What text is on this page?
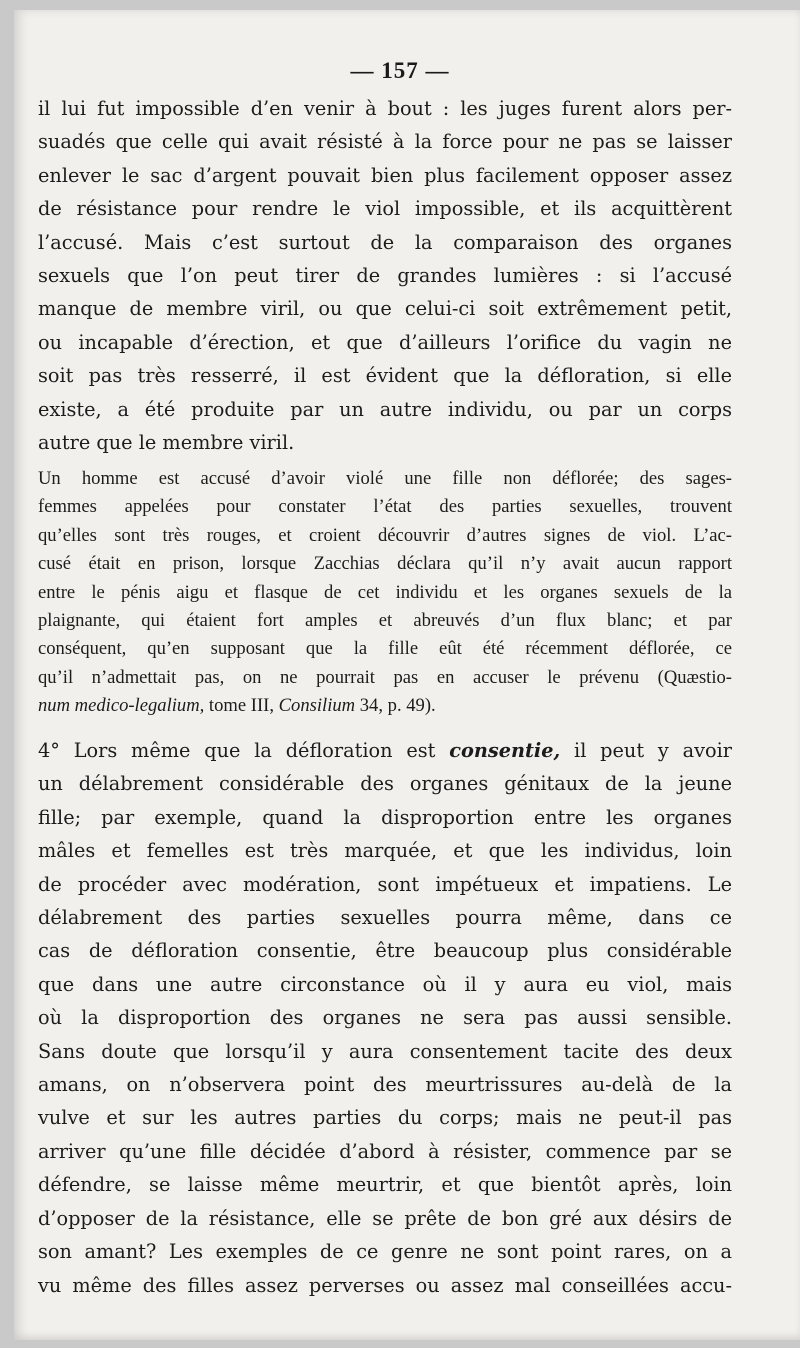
— 157 —
il lui fut impossible d’en venir à bout : les juges furent alors per-
suadés que celle qui avait résisté à la force pour ne pas se laisser
enlever le sac d’argent pouvait bien plus facilement opposer assez
de résistance pour rendre le viol impossible, et ils acquittèrent
l’accusé. Mais c’est surtout de la comparaison des organes
sexuels que l’on peut tirer de grandes lumières : si l’accusé
manque de membre viril, ou que celui-ci soit extrêmement petit,
ou incapable d’érection, et que d’ailleurs l’orifice du vagin ne
soit pas très resserré, il est évident que la défloration, si elle
existe, a été produite par un autre individu, ou par un corps
autre que le membre viril.
Un homme est accusé d’avoir violé une fille non déflorée; des sages-
femmes appelées pour constater l’état des parties sexuelles, trouvent
qu’elles sont très rouges, et croient découvrir d’autres signes de viol. L’ac-
cusé était en prison, lorsque Zacchias déclara qu’il n’y avait aucun rapport
entre le pénis aigu et flasque de cet individu et les organes sexuels de la
plaignante, qui étaient fort amples et abreuvés d’un flux blanc; et par
conséquent, qu’en supposant que la fille eût été récemment déflorée, ce
qu’il n’admettait pas, on ne pourrait pas en accuser le prévenu (Quæstio-
num medico-legalium, tome III, Consilium 34, p. 49).
4° Lors même que la défloration est consentie, il peut y avoir
un délabrement considérable des organes génitaux de la jeune
fille; par exemple, quand la disproportion entre les organes
mâles et femelles est très marquée, et que les individus, loin
de procéder avec modération, sont impétueux et impatiens. Le
délabrement des parties sexuelles pourra même, dans ce
cas de défloration consentie, être beaucoup plus considérable
que dans une autre circonstance où il y aura eu viol, mais
où la disproportion des organes ne sera pas aussi sensible.
Sans doute que lorsqu’il y aura consentement tacite des deux
amans, on n’observera point des meurtrissures au-delà de la
vulve et sur les autres parties du corps; mais ne peut-il pas
arriver qu’une fille décidée d’abord à résister, commence par se
défendre, se laisse même meurtrir, et que bientôt après, loin
d’opposer de la résistance, elle se prête de bon gré aux désirs de
son amant? Les exemples de ce genre ne sont point rares, on a
vu même des filles assez perverses ou assez mal conseillées accu-
